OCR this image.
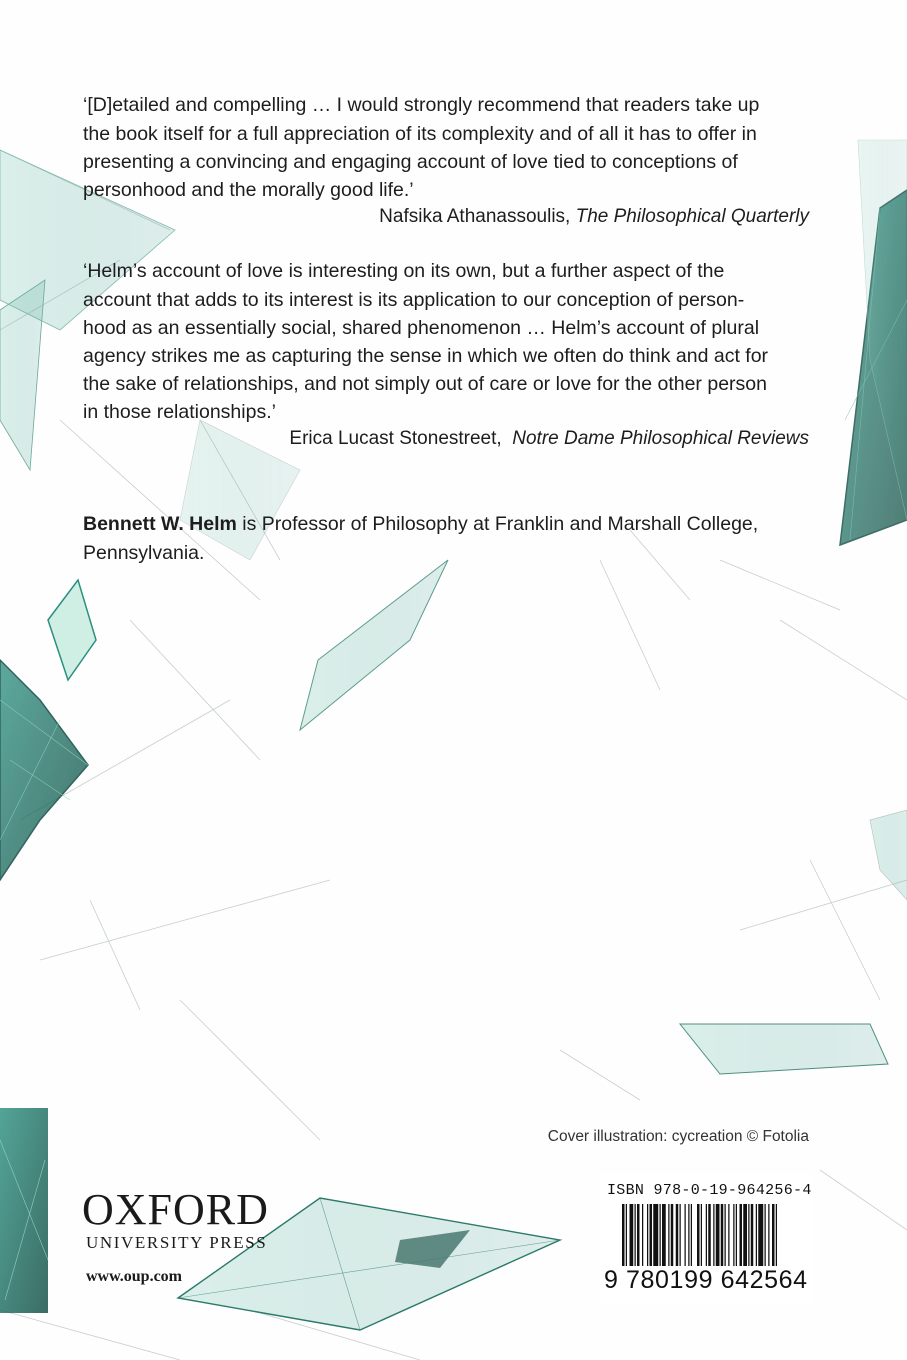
‘[D]etailed and compelling … I would strongly recommend that readers take up
the book itself for a full appreciation of its complexity and of all it has to offer in
presenting a convincing and engaging account of love tied to conceptions of
personhood and the morally good life.’
Nafsika Athanassoulis, The Philosophical Quarterly
‘Helm’s account of love is interesting on its own, but a further aspect of the
account that adds to its interest is its application to our conception of person-
hood as an essentially social, shared phenomenon … Helm’s account of plural
agency strikes me as capturing the sense in which we often do think and act for
the sake of relationships, and not simply out of care or love for the other person
in those relationships.’
Erica Lucast Stonestreet,  Notre Dame Philosophical Reviews
Bennett W. Helm is Professor of Philosophy at Franklin and Marshall College, Pennsylvania.
Cover illustration: cycreation © Fotolia
ISBN 978-0-19-964256-4
9 780199 642564
OXFORD
UNIVERSITY PRESS
www.oup.com
